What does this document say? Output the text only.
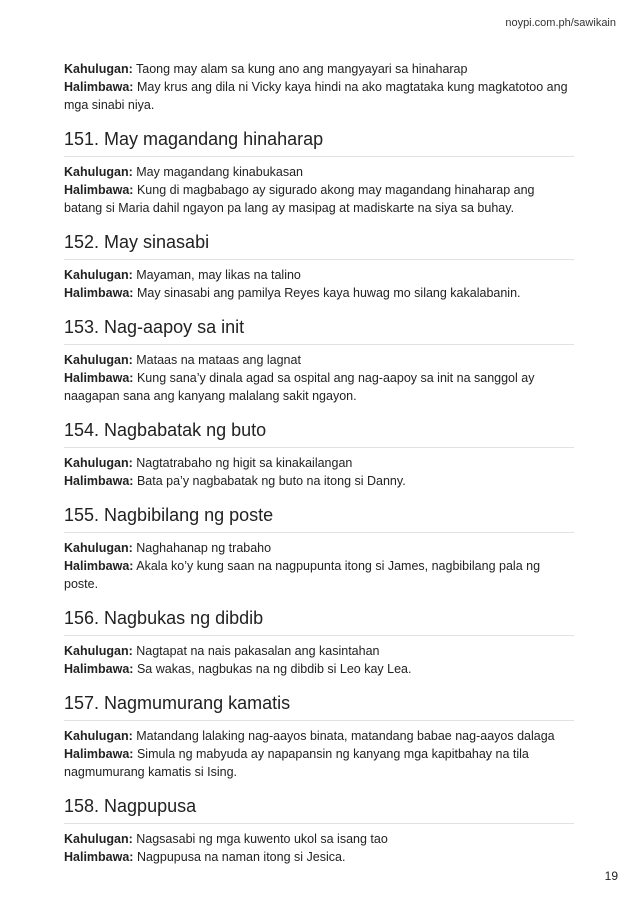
noypi.com.ph/sawikain

Kahulugan: Taong may alam sa kung ano ang mangyayari sa hinaharap

Halimbawa: May krus ang dila ni Vicky kaya hindi na ako magtataka kung magkatotoo ang mga sinabi niya.

151. May magandang hinaharap

Kahulugan: May magandang kinabukasan

Halimbawa: Kung di magbabago ay sigurado akong may magandang hinaharap ang batang si Maria dahil ngayon pa lang ay masipag at madiskarte na siya sa buhay.

152. May sinasabi

Kahulugan: Mayaman, may likas na talino

Halimbawa: May sinasabi ang pamilya Reyes kaya huwag mo silang kakalabanin.

153. Nag-aapoy sa init

Kahulugan: Mataas na mataas ang lagnat

Halimbawa: Kung sana’y dinala agad sa ospital ang nag-aapoy sa init na sanggol ay naagapan sana ang kanyang malalang sakit ngayon.

154. Nagbabatak ng buto

Kahulugan: Nagtatrabaho ng higit sa kinakailangan

Halimbawa: Bata pa’y nagbabatak ng buto na itong si Danny.

155. Nagbibilang ng poste

Kahulugan: Naghahanap ng trabaho

Halimbawa: Akala ko’y kung saan na nagpupunta itong si James, nagbibilang pala ng poste.

156. Nagbukas ng dibdib

Kahulugan: Nagtapat na nais pakasalan ang kasintahan

Halimbawa: Sa wakas, nagbukas na ng dibdib si Leo kay Lea.

157. Nagmumurang kamatis

Kahulugan: Matandang lalaking nag-aayos binata, matandang babae nag-aayos dalaga

Halimbawa: Simula ng mabyuda ay napapansin ng kanyang mga kapitbahay na tila nagmumurang kamatis si Ising.

158. Nagpupusa

Kahulugan: Nagsasabi ng mga kuwento ukol sa isang tao

Halimbawa: Nagpupusa na naman itong si Jesica.

19
